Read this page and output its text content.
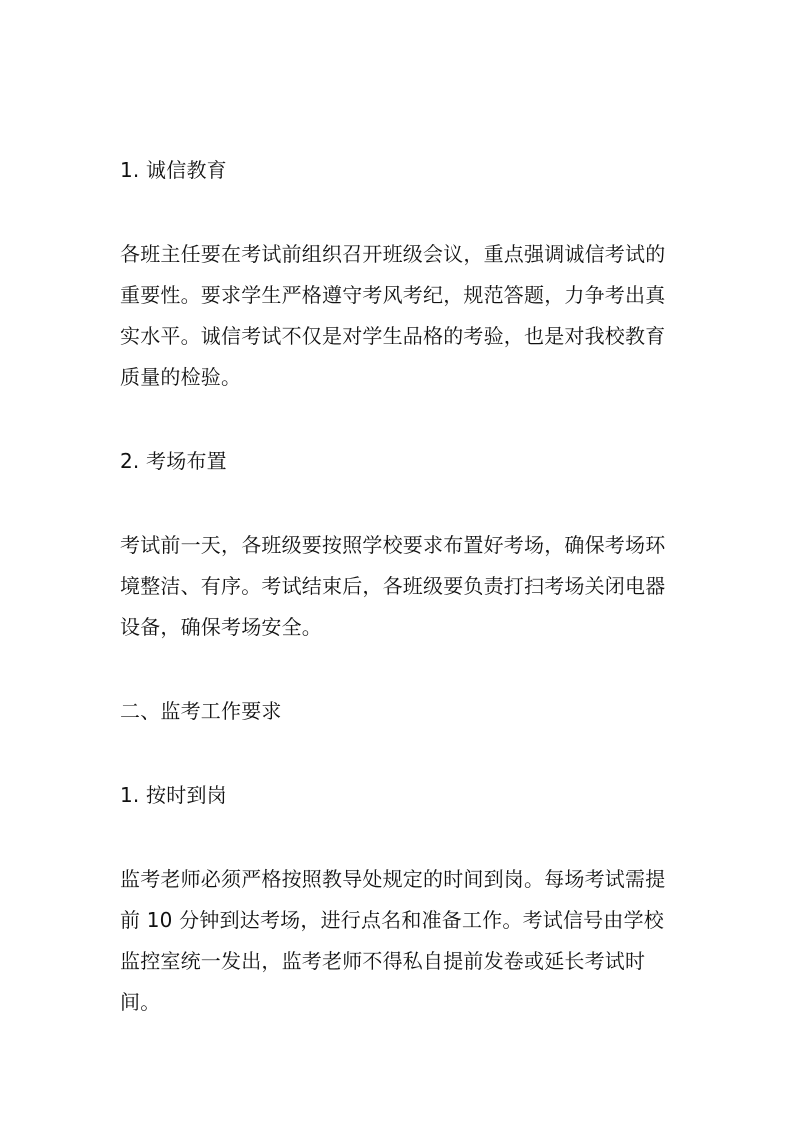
1. 诚信教育

各班主任要在考试前组织召开班级会议，重点强调诚信考试的重要性。要求学生严格遵守考风考纪，规范答题，力争考出真实水平。诚信考试不仅是对学生品格的考验，也是对我校教育质量的检验。

2. 考场布置

考试前一天，各班级要按照学校要求布置好考场，确保考场环境整洁、有序。考试结束后，各班级要负责打扫考场关闭电器设备，确保考场安全。

二、监考工作要求

1. 按时到岗

监考老师必须严格按照教导处规定的时间到岗。每场考试需提前 10 分钟到达考场，进行点名和准备工作。考试信号由学校监控室统一发出，监考老师不得私自提前发卷或延长考试时间。
